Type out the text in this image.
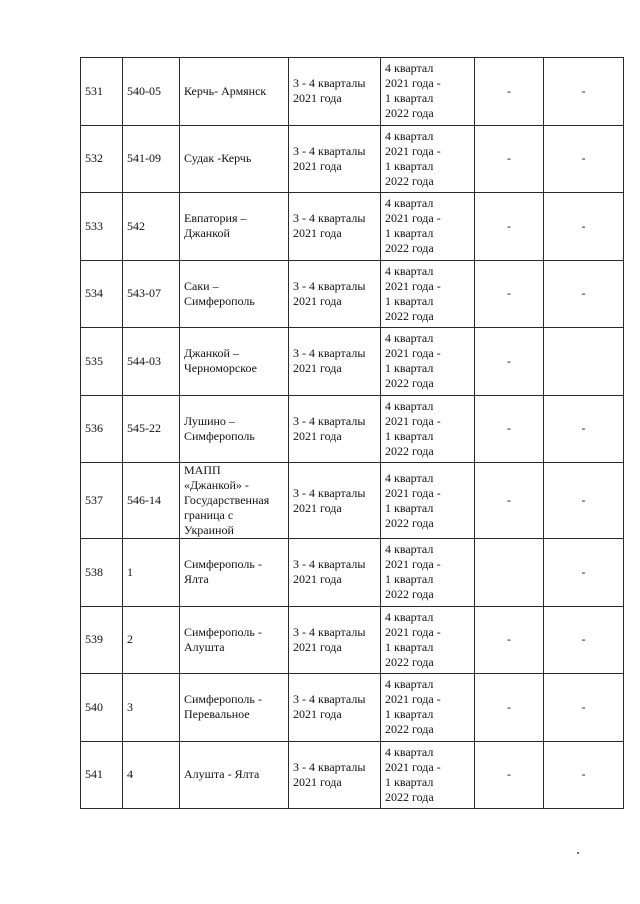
531	540-05	Керчь- Армянск	3 - 4 кварталы
2021 года	4 квартал
2021 года -
1 квартал
2022 года	-	-
532	541-09	Судак -Керчь	3 - 4 кварталы
2021 года	4 квартал
2021 года -
1 квартал
2022 года	-	-
533	542	Евпатория –
Джанкой	3 - 4 кварталы
2021 года	4 квартал
2021 года -
1 квартал
2022 года	-	-
534	543-07	Саки –
Симферополь	3 - 4 кварталы
2021 года	4 квартал
2021 года -
1 квартал
2022 года	-	-
535	544-03	Джанкой –
Черноморское	3 - 4 кварталы
2021 года	4 квартал
2021 года -
1 квартал
2022 года	-	
536	545-22	Лушино –
Симферополь	3 - 4 кварталы
2021 года	4 квартал
2021 года -
1 квартал
2022 года	-	-
537	546-14	МАПП
«Джанкой» -
Государственная
граница с
Украиной	3 - 4 кварталы
2021 года	4 квартал
2021 года -
1 квартал
2022 года	-	-
538	1	Симферополь -
Ялта	3 - 4 кварталы
2021 года	4 квартал
2021 года -
1 квартал
2022 года		-
539	2	Симферополь -
Алушта	3 - 4 кварталы
2021 года	4 квартал
2021 года -
1 квартал
2022 года	-	-
540	3	Симферополь -
Перевальное	3 - 4 кварталы
2021 года	4 квартал
2021 года -
1 квартал
2022 года	-	-
541	4	Алушта - Ялта	3 - 4 кварталы
2021 года	4 квартал
2021 года -
1 квартал
2022 года	-	-
